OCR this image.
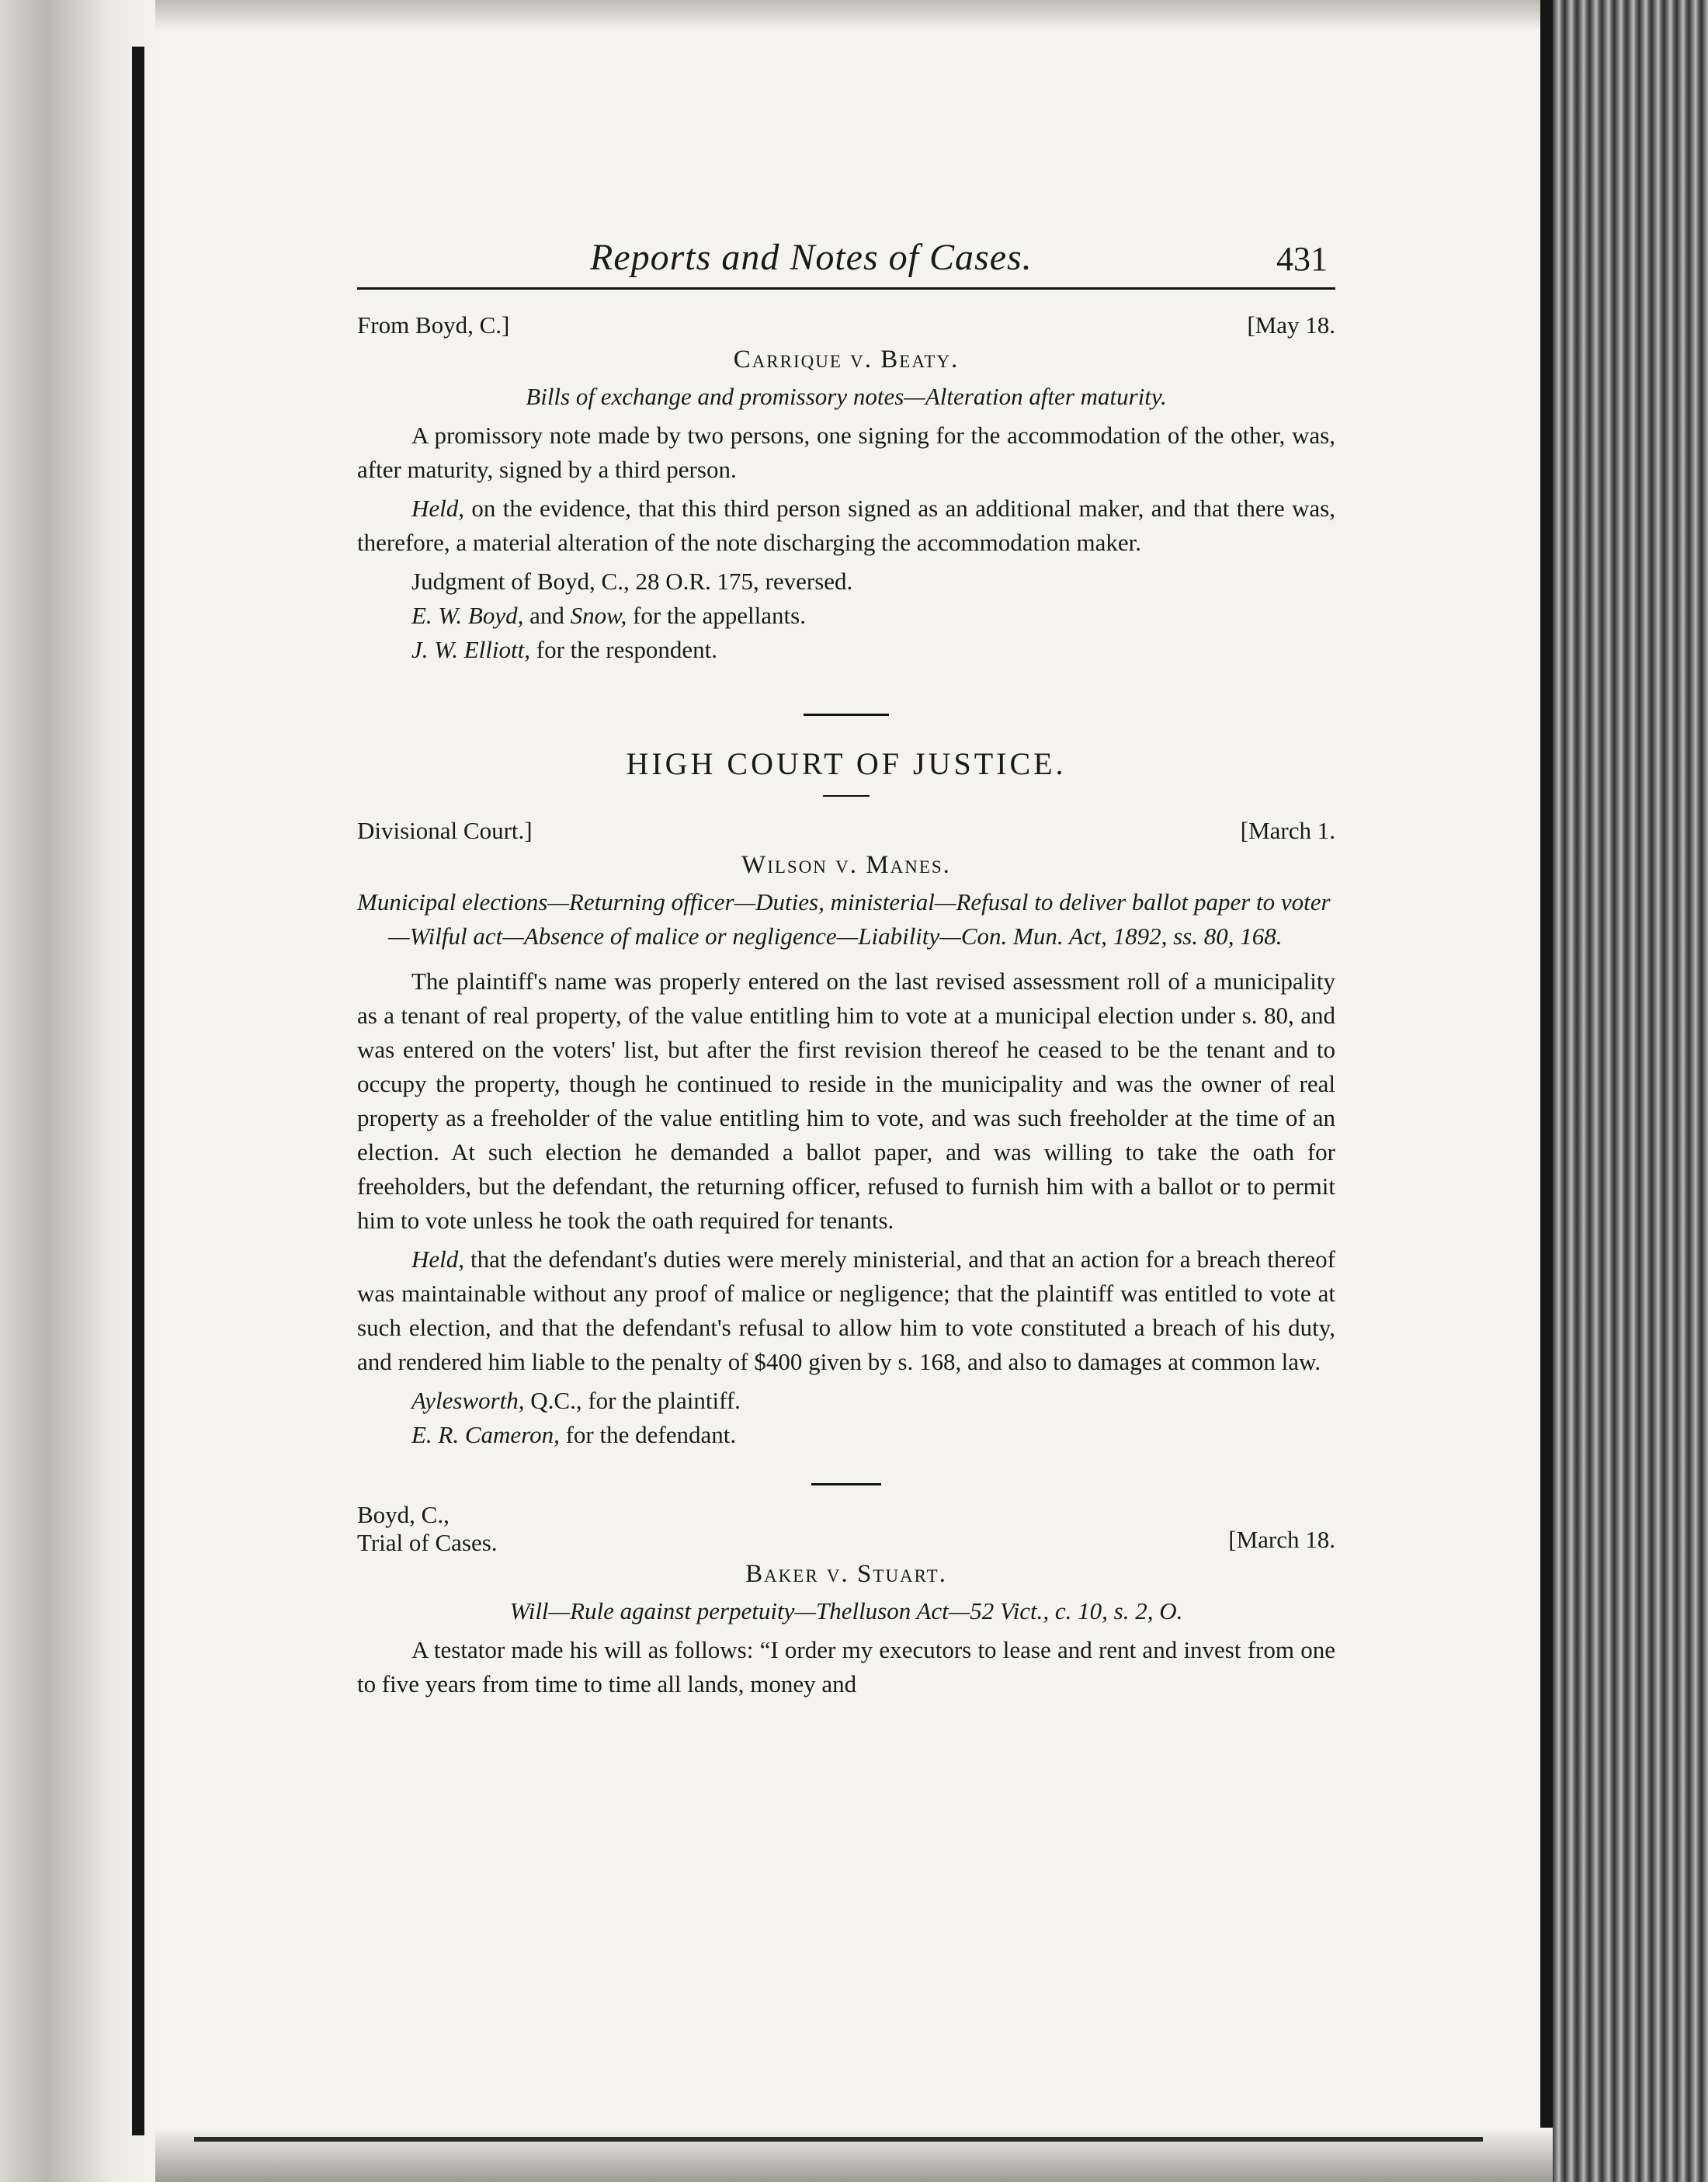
Reports and Notes of Cases.	431
From Boyd, C.]	[May 18.
Carrique v. Beaty.
Bills of exchange and promissory notes—Alteration after maturity.

A promissory note made by two persons, one signing for the accommodation of the other, was, after maturity, signed by a third person.

Held, on the evidence, that this third person signed as an additional maker, and that there was, therefore, a material alteration of the note discharging the accommodation maker.

Judgment of Boyd, C., 28 O.R. 175, reversed.
E. W. Boyd, and Snow, for the appellants.
J. W. Elliott, for the respondent.
HIGH COURT OF JUSTICE.
Divisional Court.]	[March 1.
Wilson v. Manes.
Municipal elections—Returning officer—Duties, ministerial—Refusal to deliver ballot paper to voter—Wilful act—Absence of malice or negligence—Liability—Con. Mun. Act, 1892, ss. 80, 168.

The plaintiff's name was properly entered on the last revised assessment roll of a municipality as a tenant of real property, of the value entitling him to vote at a municipal election under s. 80, and was entered on the voters' list, but after the first revision thereof he ceased to be the tenant and to occupy the property, though he continued to reside in the municipality and was the owner of real property as a freeholder of the value entitling him to vote, and was such freeholder at the time of an election. At such election he demanded a ballot paper, and was willing to take the oath for freeholders, but the defendant, the returning officer, refused to furnish him with a ballot or to permit him to vote unless he took the oath required for tenants.

Held, that the defendant's duties were merely ministerial, and that an action for a breach thereof was maintainable without any proof of malice or negligence; that the plaintiff was entitled to vote at such election, and that the defendant's refusal to allow him to vote constituted a breach of his duty, and rendered him liable to the penalty of $400 given by s. 168, and also to damages at common law.

Aylesworth, Q.C., for the plaintiff.
E. R. Cameron, for the defendant.
Boyd, C.,
Trial of Cases.	[March 18.
Baker v. Stuart.
Will—Rule against perpetuity—Thelluson Act—52 Vict., c. 10, s. 2, O.

A testator made his will as follows: “I order my executors to lease and rent and invest from one to five years from time to time all lands, money and
